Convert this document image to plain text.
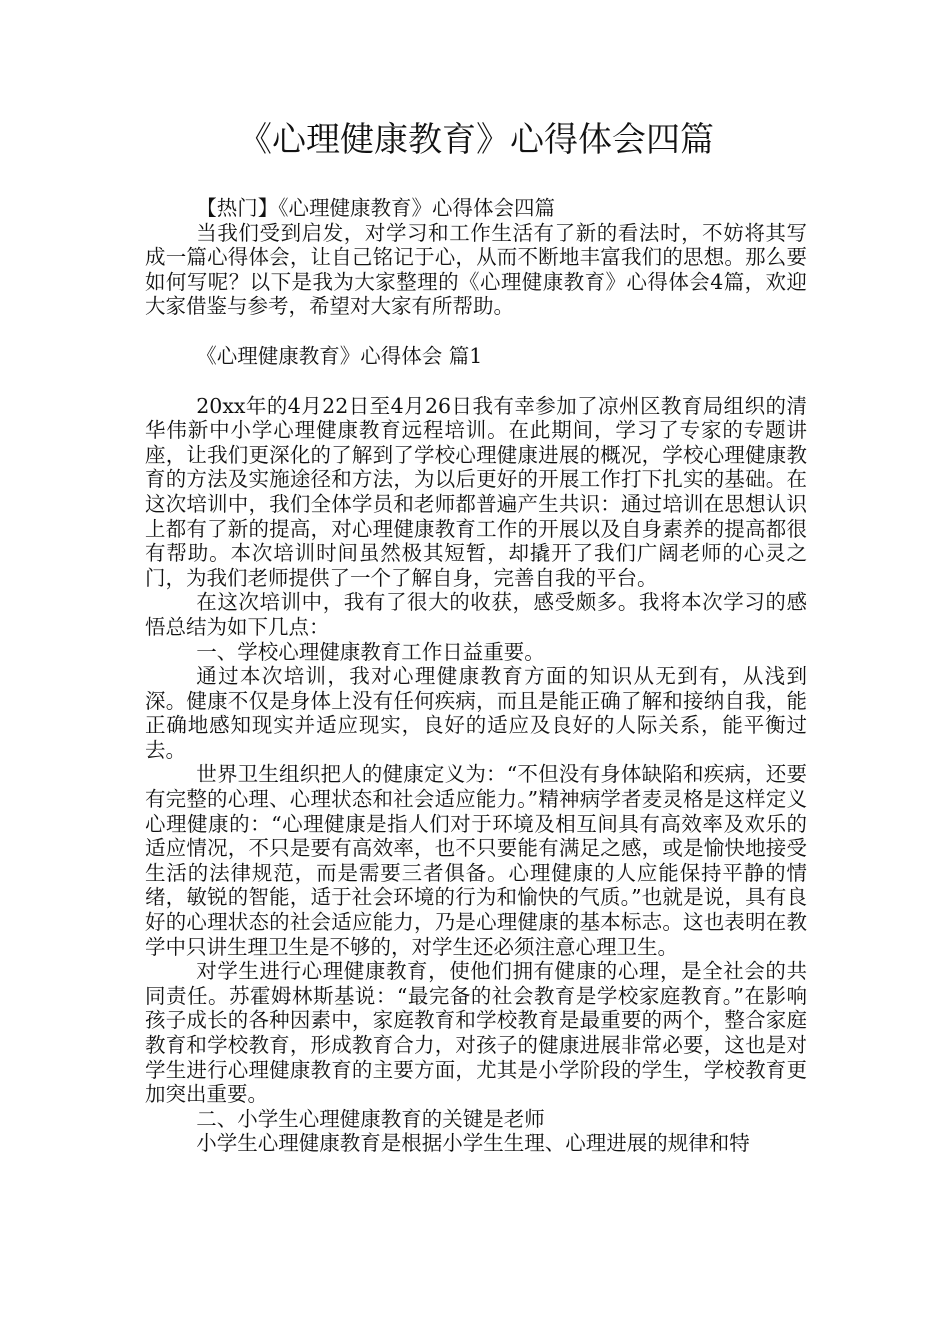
《心理健康教育》心得体会四篇

【热门】《心理健康教育》心得体会四篇

当我们受到启发，对学习和工作生活有了新的看法时，不妨将其写成一篇心得体会，让自己铭记于心，从而不断地丰富我们的思想。那么要如何写呢？以下是我为大家整理的《心理健康教育》心得体会4篇，欢迎大家借鉴与参考，希望对大家有所帮助。

《心理健康教育》心得体会 篇1

20xx年的4月22日至4月26日我有幸参加了凉州区教育局组织的清华伟新中小学心理健康教育远程培训。在此期间，学习了专家的专题讲座，让我们更深化的了解到了学校心理健康进展的概况，学校心理健康教育的方法及实施途径和方法，为以后更好的开展工作打下扎实的基础。在这次培训中，我们全体学员和老师都普遍产生共识：通过培训在思想认识上都有了新的提高，对心理健康教育工作的开展以及自身素养的提高都很有帮助。本次培训时间虽然极其短暂，却撬开了我们广阔老师的心灵之门，为我们老师提供了一个了解自身，完善自我的平台。

在这次培训中，我有了很大的收获，感受颇多。我将本次学习的感悟总结为如下几点：

一、学校心理健康教育工作日益重要。

通过本次培训，我对心理健康教育方面的知识从无到有，从浅到深。健康不仅是身体上没有任何疾病，而且是能正确了解和接纳自我，能正确地感知现实并适应现实，良好的适应及良好的人际关系，能平衡过去。

世界卫生组织把人的健康定义为：“不但没有身体缺陷和疾病，还要有完整的心理、心理状态和社会适应能力。”精神病学者麦灵格是这样定义心理健康的：“心理健康是指人们对于环境及相互间具有高效率及欢乐的适应情况，不只是要有高效率，也不只要能有满足之感，或是愉快地接受生活的法律规范，而是需要三者俱备。心理健康的人应能保持平静的情绪，敏锐的智能，适于社会环境的行为和愉快的气质。”也就是说，具有良好的心理状态的社会适应能力，乃是心理健康的基本标志。这也表明在教学中只讲生理卫生是不够的，对学生还必须注意心理卫生。

对学生进行心理健康教育，使他们拥有健康的心理，是全社会的共同责任。苏霍姆林斯基说：“最完备的社会教育是学校家庭教育。”在影响孩子成长的各种因素中，家庭教育和学校教育是最重要的两个，整合家庭教育和学校教育，形成教育合力，对孩子的健康进展非常必要，这也是对学生进行心理健康教育的主要方面，尤其是小学阶段的学生，学校教育更加突出重要。

二、小学生心理健康教育的关键是老师

小学生心理健康教育是根据小学生生理、心理进展的规律和特
